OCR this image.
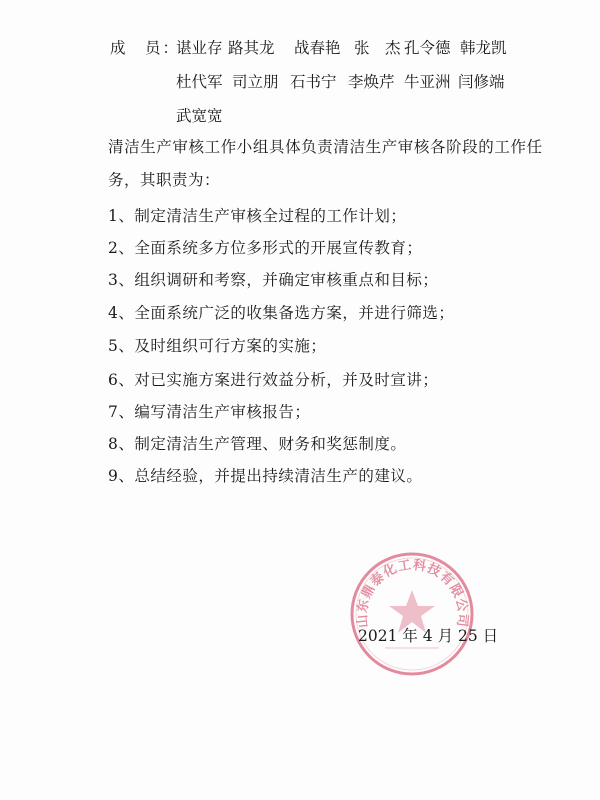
成　员：
谌业存 路其龙 战春艳 张　杰 孔令德 韩龙凯
杜代军 司立朋 石书宁 李焕芹 牛亚洲 闫修端
武宽宽
清洁生产审核工作小组具体负责清洁生产审核各阶段的工作任
务，其职责为：
1、制定清洁生产审核全过程的工作计划；
2、全面系统多方位多形式的开展宣传教育；
3、组织调研和考察，并确定审核重点和目标；
4、全面系统广泛的收集备选方案，并进行筛选；
5、及时组织可行方案的实施；
6、对已实施方案进行效益分析，并及时宣讲；
7、编写清洁生产审核报告；
8、制定清洁生产管理、财务和奖惩制度。
9、总结经验，并提出持续清洁生产的建议。
山东鼎泰化工科技有限公司
2021 年 4 月 25 日
